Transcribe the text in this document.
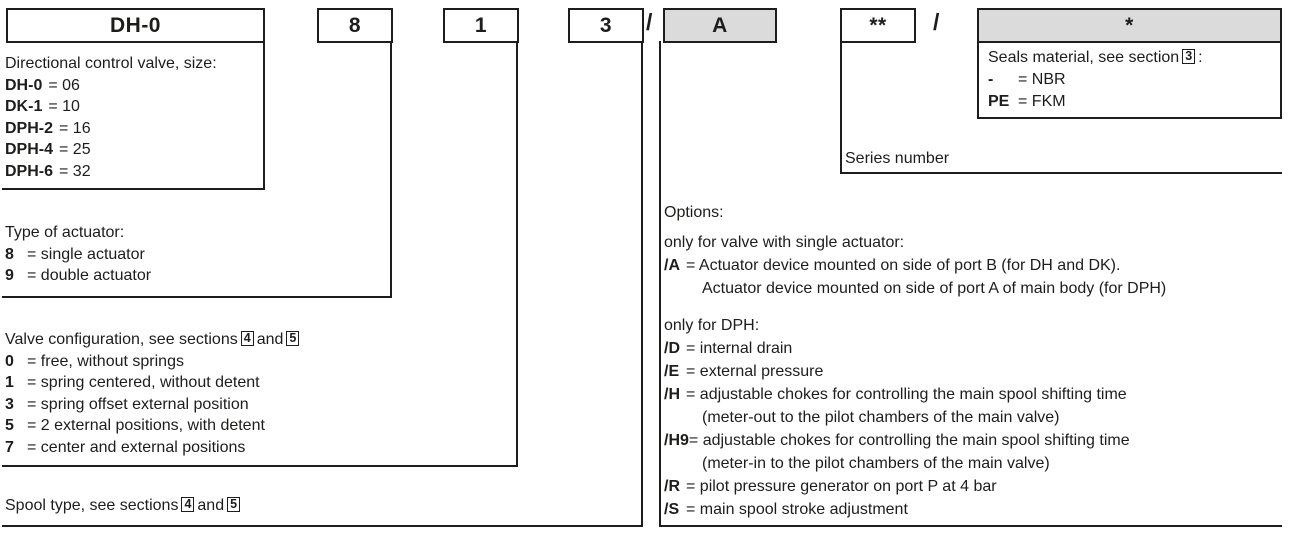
DH-0	8	1	3 /	A	** /	*
Directional control valve, size:
DH-0 = 06
DK-1 = 10
DPH-2 = 16
DPH-4 = 25
DPH-6 = 32
Type of actuator:
8 = single actuator
9 = double actuator
Valve configuration, see sections 4 and 5
0 = free, without springs
1 = spring centered, without detent
3 = spring offset external position
5 = 2 external positions, with detent
7 = center and external positions
Spool type, see sections 4 and 5
Seals material, see section 3 :
-	= NBR
PE = FKM
Series number
Options:
only for valve with single actuator:
/A = Actuator device mounted on side of port B (for DH and DK).
Actuator device mounted on side of port A of main body (for DPH)
only for DPH:
/D = internal drain
/E = external pressure
/H = adjustable chokes for controlling the main spool shifting time
(meter-out to the pilot chambers of the main valve)
/H9 = adjustable chokes for controlling the main spool shifting time
(meter-in to the pilot chambers of the main valve)
/R = pilot pressure generator on port P at 4 bar
/S = main spool stroke adjustment
